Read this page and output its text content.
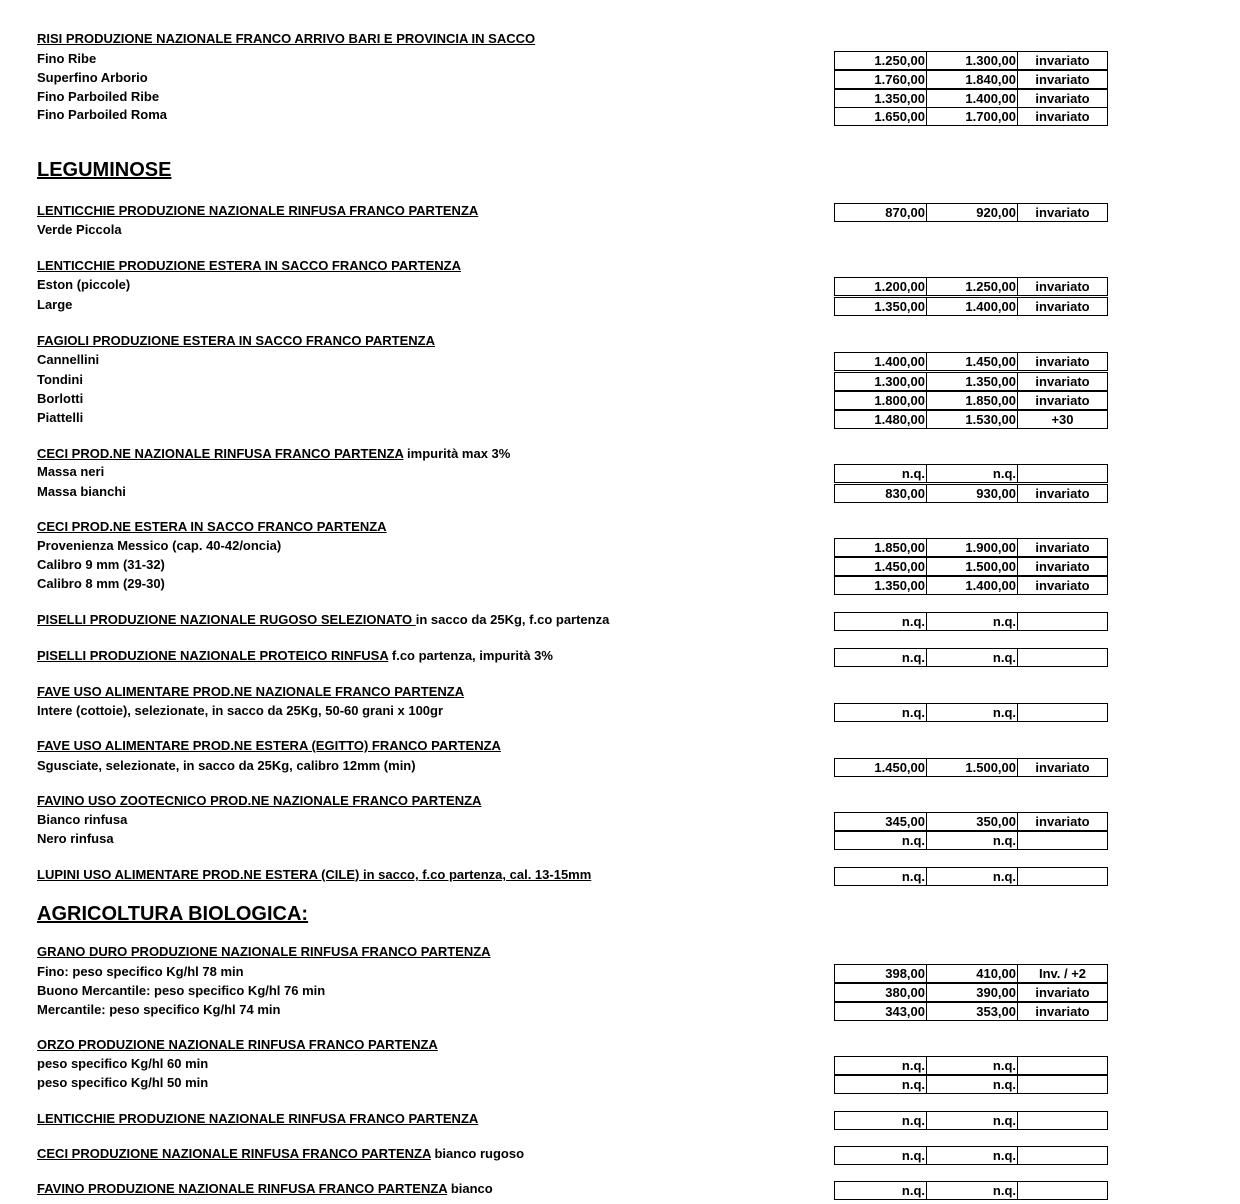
RISI PRODUZIONE NAZIONALE FRANCO ARRIVO BARI E PROVINCIA IN SACCO
Fino Ribe	1.250,00	1.300,00	invariato
Superfino Arborio	1.760,00	1.840,00	invariato
Fino Parboiled Ribe	1.350,00	1.400,00	invariato
Fino Parboiled Roma	1.650,00	1.700,00	invariato
LEGUMINOSE
LENTICCHIE PRODUZIONE NAZIONALE RINFUSA FRANCO PARTENZA	870,00	920,00	invariato
Verde Piccola
LENTICCHIE PRODUZIONE ESTERA IN SACCO FRANCO PARTENZA
Eston (piccole)	1.200,00	1.250,00	invariato
Large	1.350,00	1.400,00	invariato
FAGIOLI PRODUZIONE ESTERA IN SACCO FRANCO PARTENZA
Cannellini	1.400,00	1.450,00	invariato
Tondini	1.300,00	1.350,00	invariato
Borlotti	1.800,00	1.850,00	invariato
Piattelli	1.480,00	1.530,00	+30
CECI PROD.NE NAZIONALE RINFUSA FRANCO PARTENZA impurità max 3%
Massa neri	n.q.	n.q.
Massa bianchi	830,00	930,00	invariato
CECI PROD.NE ESTERA IN SACCO FRANCO PARTENZA
Provenienza Messico (cap. 40-42/oncia)	1.850,00	1.900,00	invariato
Calibro 9 mm (31-32)	1.450,00	1.500,00	invariato
Calibro 8 mm (29-30)	1.350,00	1.400,00	invariato
PISELLI PRODUZIONE NAZIONALE RUGOSO SELEZIONATO in sacco da 25Kg, f.co partenza	n.q.	n.q.
PISELLI PRODUZIONE NAZIONALE PROTEICO RINFUSA f.co partenza, impurità 3%	n.q.	n.q.
FAVE USO ALIMENTARE PROD.NE NAZIONALE FRANCO PARTENZA
Intere (cottoie), selezionate, in sacco da 25Kg, 50-60 grani x 100gr	n.q.	n.q.
FAVE USO ALIMENTARE PROD.NE ESTERA (EGITTO) FRANCO PARTENZA
Sgusciate, selezionate, in sacco da 25Kg, calibro 12mm (min)	1.450,00	1.500,00	invariato
FAVINO USO ZOOTECNICO PROD.NE NAZIONALE FRANCO PARTENZA
Bianco rinfusa	345,00	350,00	invariato
Nero rinfusa	n.q.	n.q.
LUPINI USO ALIMENTARE PROD.NE ESTERA (CILE) in sacco, f.co partenza, cal. 13-15mm	n.q.	n.q.
AGRICOLTURA BIOLOGICA:
GRANO DURO PRODUZIONE NAZIONALE RINFUSA FRANCO PARTENZA
Fino: peso specifico Kg/hl 78 min	398,00	410,00	Inv. / +2
Buono Mercantile: peso specifico Kg/hl 76 min	380,00	390,00	invariato
Mercantile: peso specifico Kg/hl 74 min	343,00	353,00	invariato
ORZO PRODUZIONE NAZIONALE RINFUSA FRANCO PARTENZA
peso specifico Kg/hl 60 min	n.q.	n.q.
peso specifico Kg/hl 50 min	n.q.	n.q.
LENTICCHIE PRODUZIONE NAZIONALE RINFUSA FRANCO PARTENZA	n.q.	n.q.
CECI PRODUZIONE NAZIONALE RINFUSA FRANCO PARTENZA bianco rugoso	n.q.	n.q.
FAVINO PRODUZIONE NAZIONALE RINFUSA FRANCO PARTENZA bianco	n.q.	n.q.
